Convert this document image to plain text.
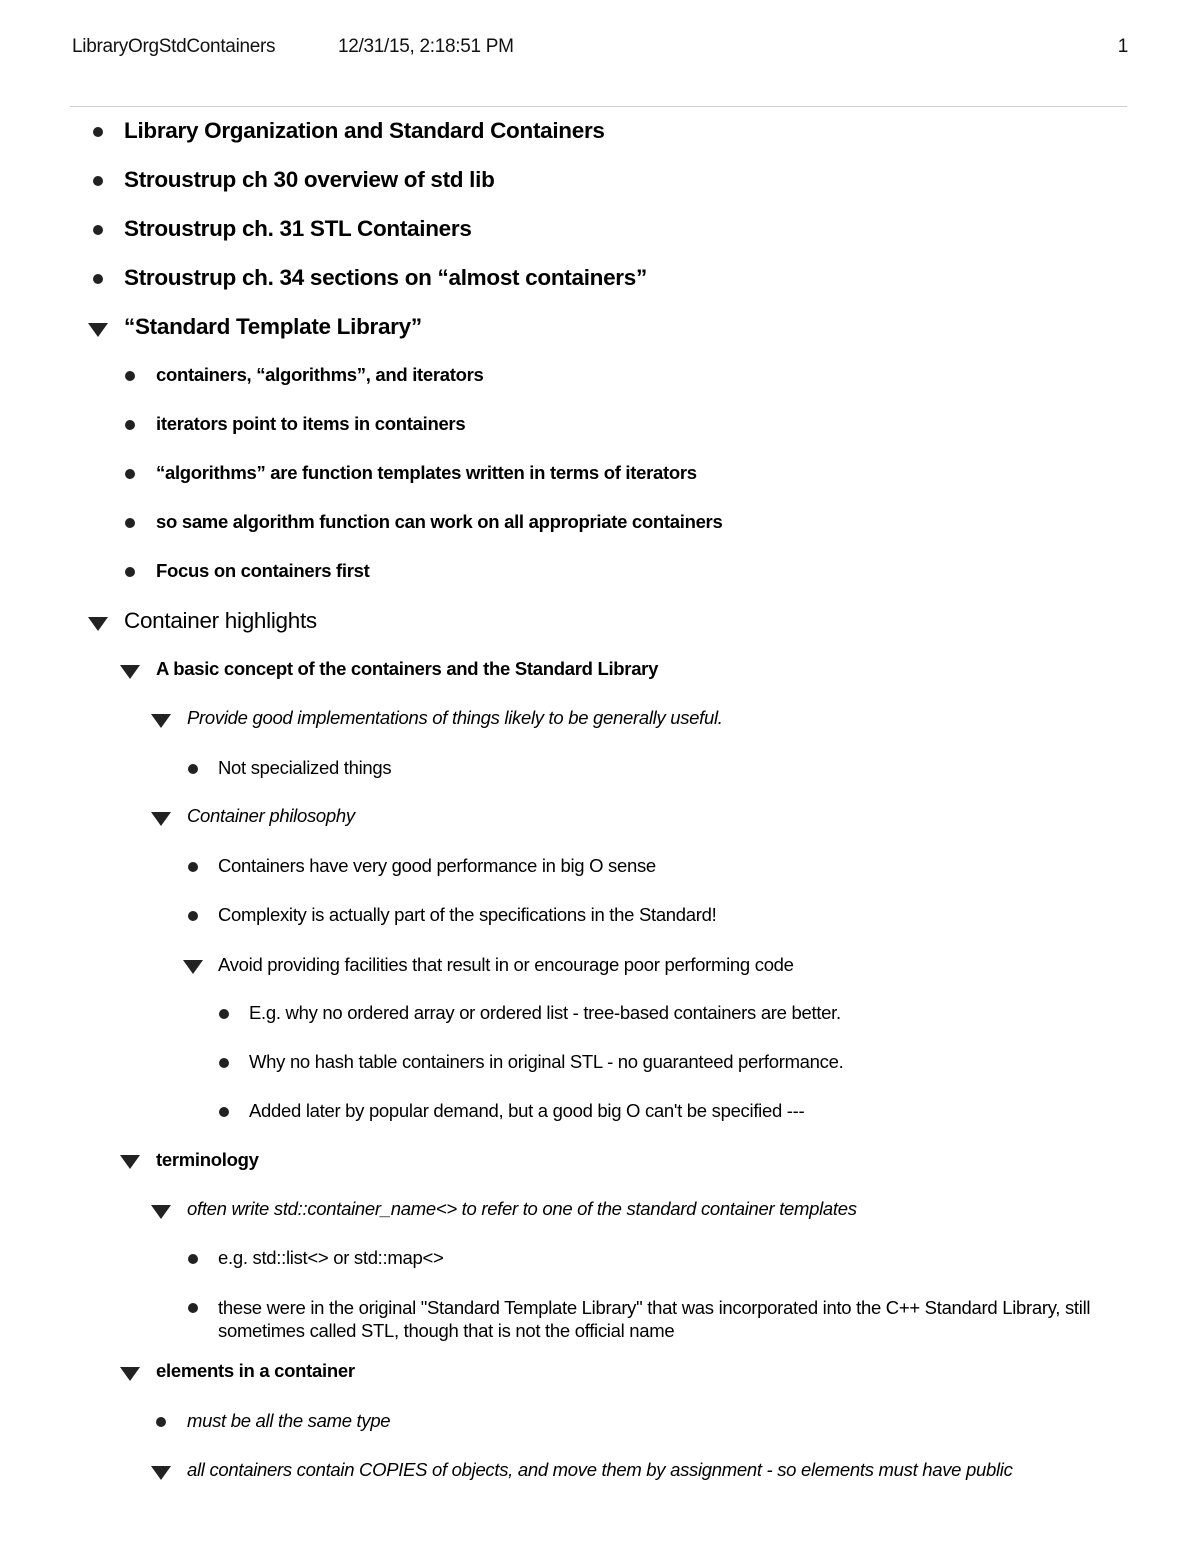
LibraryOrgStdContainers	12/31/15, 2:18:51 PM	1
Library Organization and Standard Containers
Stroustrup ch 30 overview of std lib
Stroustrup ch. 31 STL Containers
Stroustrup ch. 34 sections on “almost containers”
“Standard Template Library”
containers, “algorithms”, and iterators
iterators point to items in containers
“algorithms” are function templates written in terms of iterators
so same algorithm function can work on all appropriate containers
Focus on containers first
Container highlights
A basic concept of the containers and the Standard Library
Provide good implementations of things likely to be generally useful.
Not specialized things
Container philosophy
Containers have very good performance in big O sense
Complexity is actually part of the specifications in the Standard!
Avoid providing facilities that result in or encourage poor performing code
E.g. why no ordered array or ordered list - tree-based containers are better.
Why no hash table containers in original STL - no guaranteed performance.
Added later by popular demand, but a good big O can't be specified ---
terminology
often write std::container_name<> to refer to one of the standard container templates
e.g. std::list<> or std::map<>
these were in the original "Standard Template Library" that was incorporated into the C++ Standard Library, still sometimes called STL, though that is not the official name
elements in a container
must be all the same type
all containers contain COPIES of objects, and move them by assignment - so elements must have public
